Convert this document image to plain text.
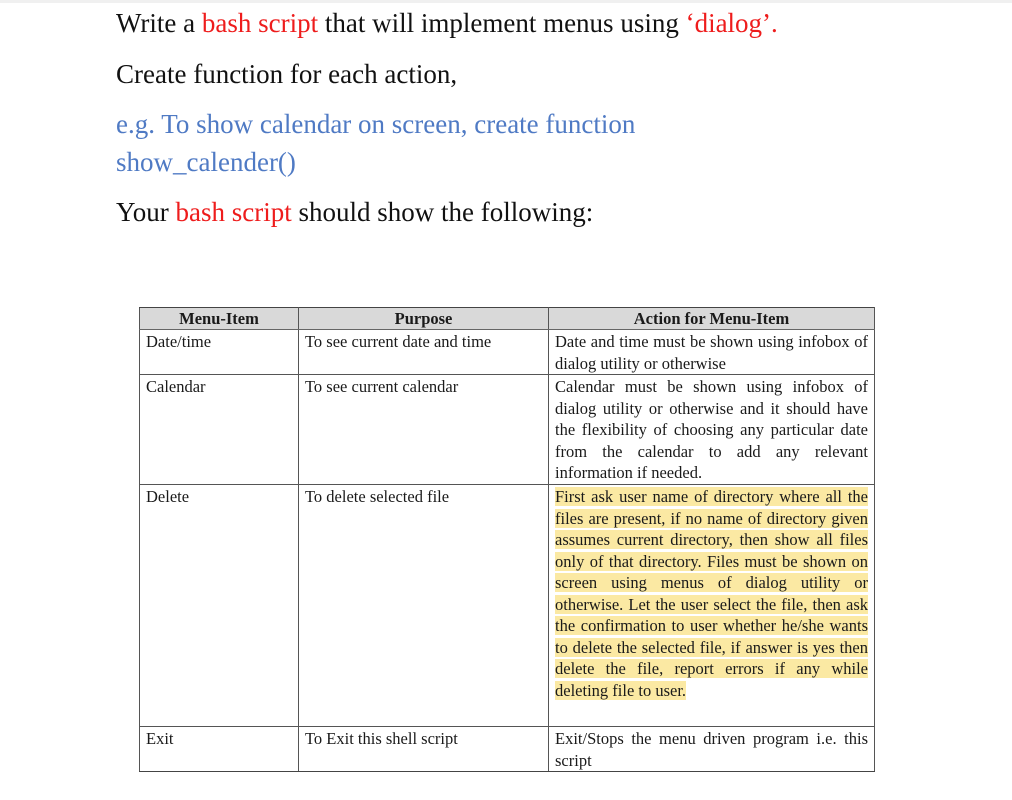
Write a bash script that will implement menus using ‘dialog’.
Create function for each action,
e.g. To show calendar on screen, create function
show_calender()
Your bash script should show the following:
Menu-Item	Purpose	Action for Menu-Item
Date/time	To see current date and time	Date and time must be shown using infobox of dialog utility or otherwise
Calendar	To see current calendar	Calendar must be shown using infobox of dialog utility or otherwise and it should have the flexibility of choosing any particular date from the calendar to add any relevant information if needed.
Delete	To delete selected file	First ask user name of directory where all the files are present, if no name of directory given assumes current directory, then show all files only of that directory. Files must be shown on screen using menus of dialog utility or otherwise. Let the user select the file, then ask the confirmation to user whether he/she wants to delete the selected file, if answer is yes then delete the file, report errors if any while deleting file to user.
Exit	To Exit this shell script	Exit/Stops the menu driven program i.e. this script
